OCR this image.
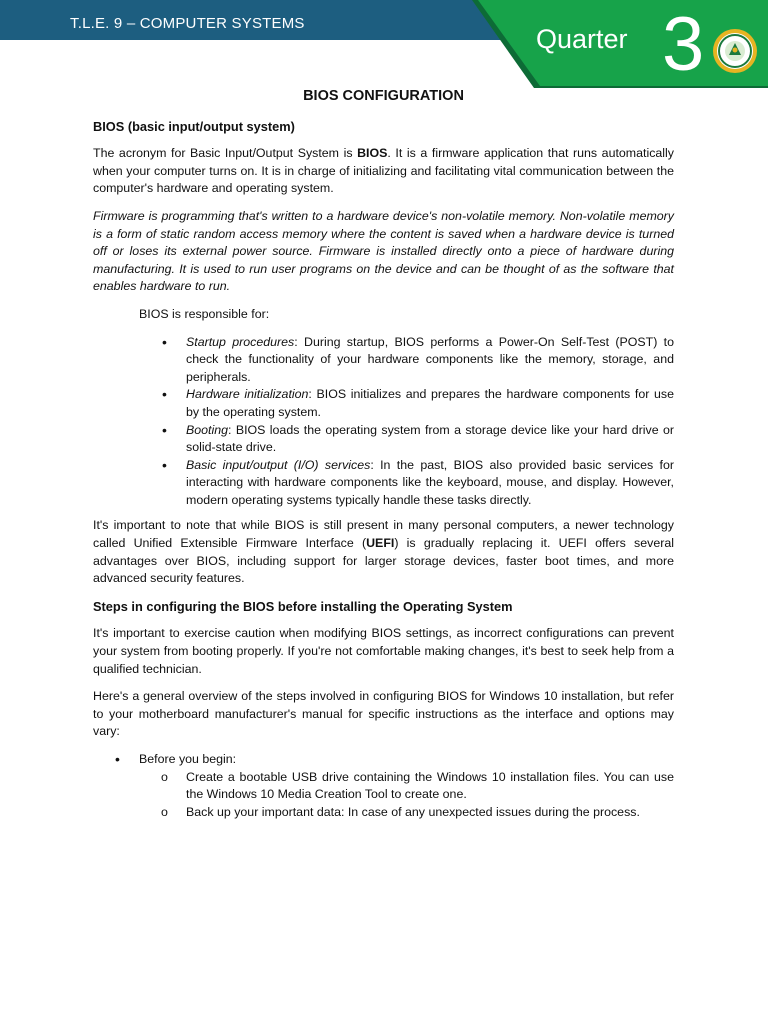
T.L.E. 9 – COMPUTER SYSTEMS
Quarter 3
BIOS CONFIGURATION
BIOS (basic input/output system)

The acronym for Basic Input/Output System is BIOS. It is a firmware application that runs automatically when your computer turns on. It is in charge of initializing and facilitating vital communication between the computer's hardware and operating system.

Firmware is programming that's written to a hardware device's non-volatile memory. Non-volatile memory is a form of static random access memory where the content is saved when a hardware device is turned off or loses its external power source. Firmware is installed directly onto a piece of hardware during manufacturing. It is used to run user programs on the device and can be thought of as the software that enables hardware to run.

BIOS is responsible for:

• Startup procedures: During startup, BIOS performs a Power-On Self-Test (POST) to check the functionality of your hardware components like the memory, storage, and peripherals.
• Hardware initialization: BIOS initializes and prepares the hardware components for use by the operating system.
• Booting: BIOS loads the operating system from a storage device like your hard drive or solid-state drive.
• Basic input/output (I/O) services: In the past, BIOS also provided basic services for interacting with hardware components like the keyboard, mouse, and display. However, modern operating systems typically handle these tasks directly.

It's important to note that while BIOS is still present in many personal computers, a newer technology called Unified Extensible Firmware Interface (UEFI) is gradually replacing it. UEFI offers several advantages over BIOS, including support for larger storage devices, faster boot times, and more advanced security features.

Steps in configuring the BIOS before installing the Operating System

It's important to exercise caution when modifying BIOS settings, as incorrect configurations can prevent your system from booting properly. If you're not comfortable making changes, it's best to seek help from a qualified technician.

Here's a general overview of the steps involved in configuring BIOS for Windows 10 installation, but refer to your motherboard manufacturer's manual for specific instructions as the interface and options may vary:

• Before you begin:
o Create a bootable USB drive containing the Windows 10 installation files. You can use the Windows 10 Media Creation Tool to create one.
o Back up your important data: In case of any unexpected issues during the process.
